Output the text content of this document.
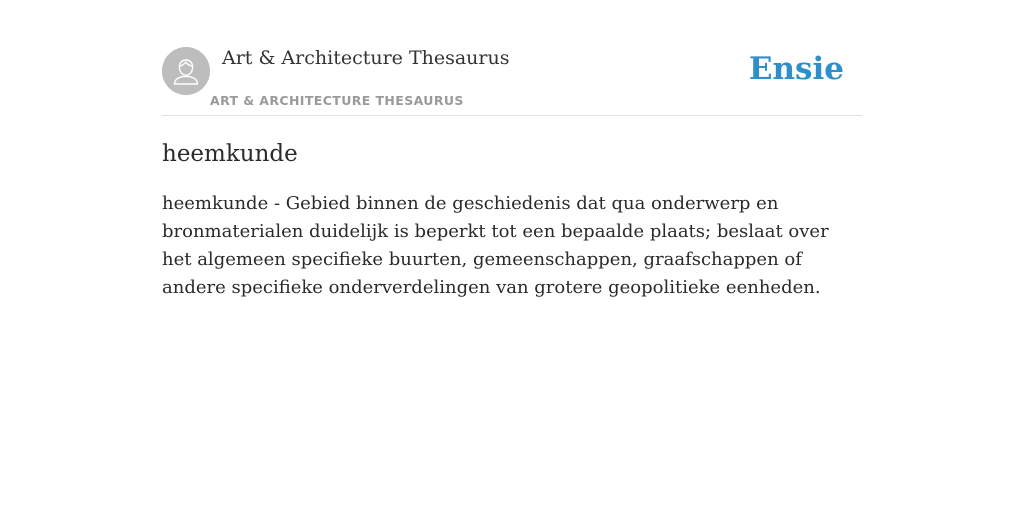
Art & Architecture Thesaurus
ART & ARCHITECTURE THESAURUS
Ensie
heemkunde

heemkunde - Gebied binnen de geschiedenis dat qua onderwerp en bronmaterialen duidelijk is beperkt tot een bepaalde plaats; beslaat over het algemeen specifieke buurten, gemeenschappen, graafschappen of andere specifieke onderverdelingen van grotere geopolitieke eenheden.
